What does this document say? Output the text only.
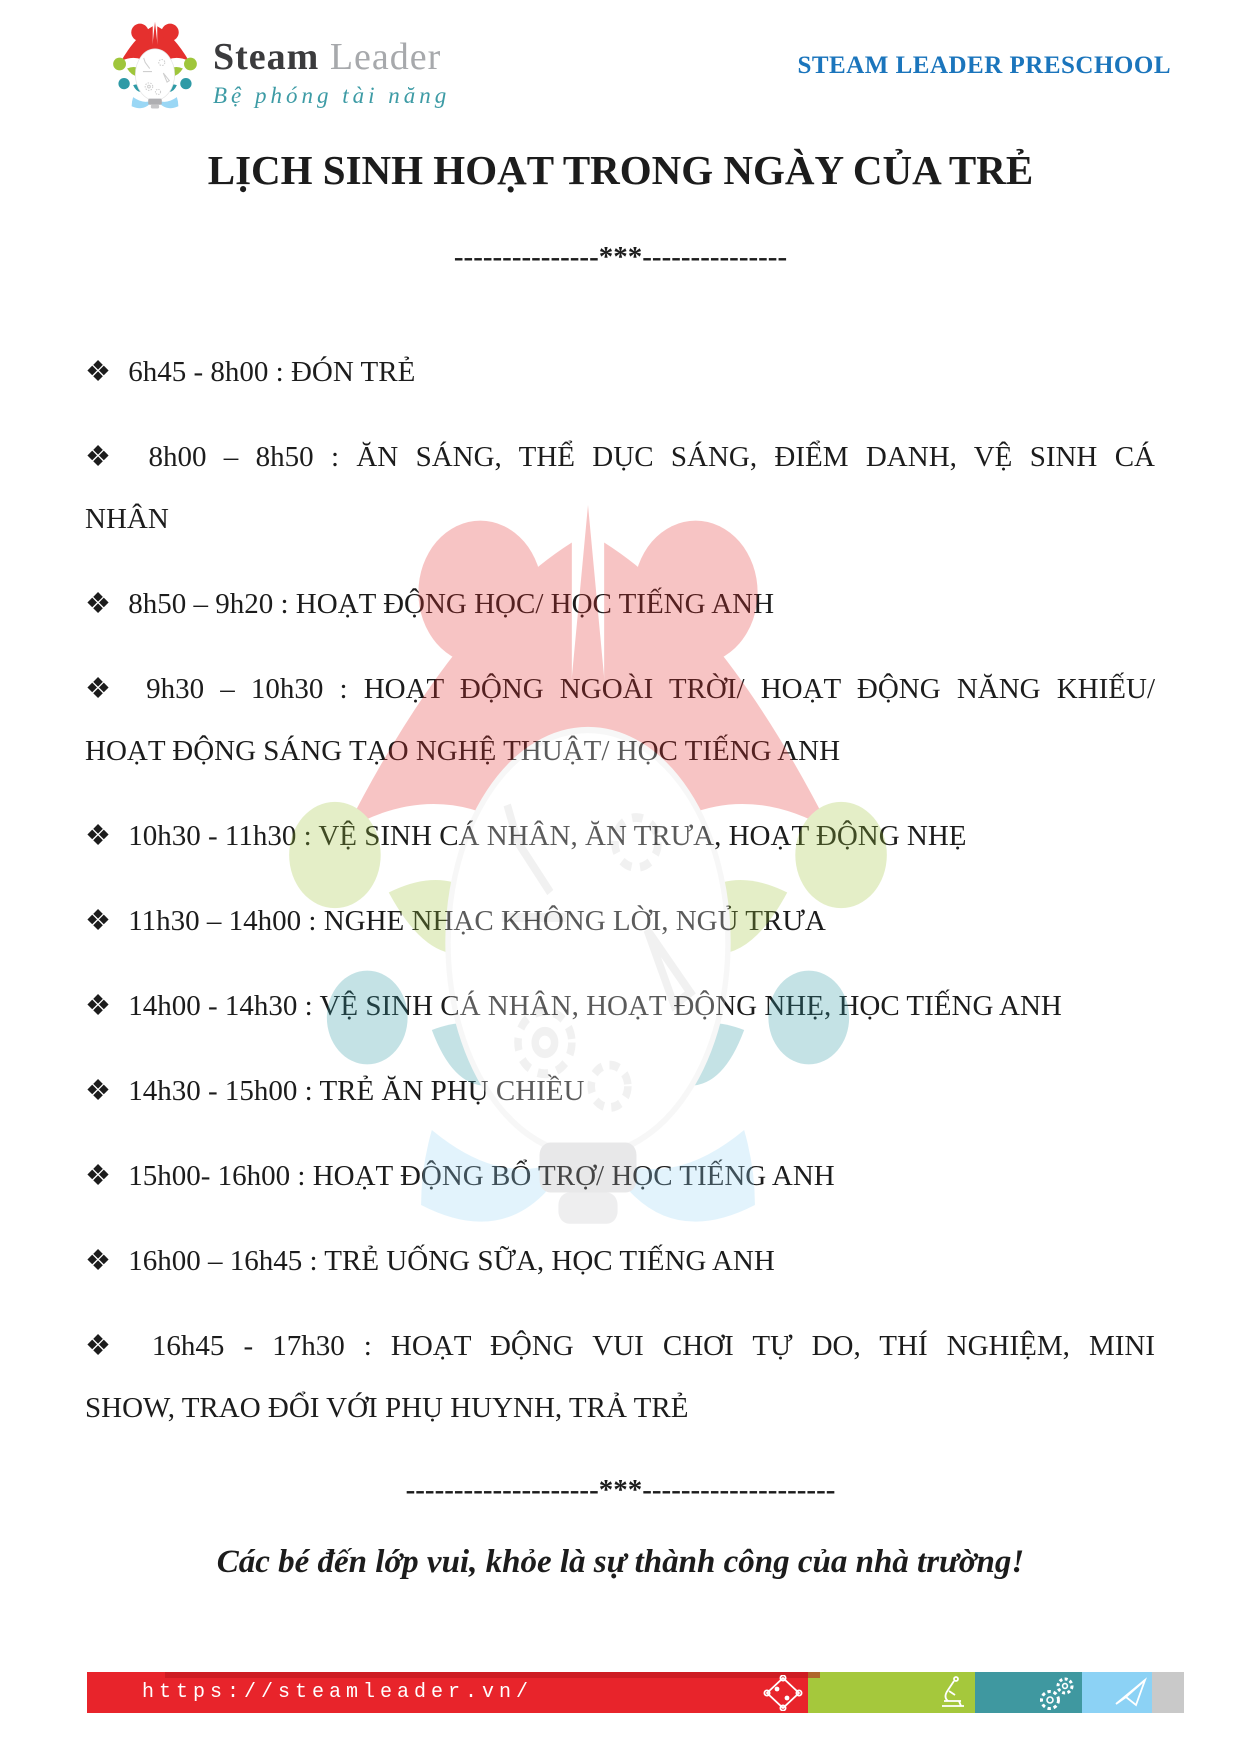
Steam Leader
Bệ phóng tài năng
STEAM LEADER PRESCHOOL
LỊCH SINH HOẠT TRONG NGÀY CỦA TRẺ
---------------***---------------
❖ 6h45 - 8h00 : ĐÓN TRẺ
❖ 8h00 – 8h50 : ĂN SÁNG, THỂ DỤC SÁNG, ĐIỂM DANH, VỆ SINH CÁ
NHÂN
❖ 8h50 – 9h20 : HOẠT ĐỘNG HỌC/ HỌC TIẾNG ANH
❖ 9h30 – 10h30 : HOẠT ĐỘNG NGOÀI TRỜI/ HOẠT ĐỘNG NĂNG KHIẾU/
HOẠT ĐỘNG SÁNG TẠO NGHỆ THUẬT/ HỌC TIẾNG ANH
❖ 10h30 - 11h30 : VỆ SINH CÁ NHÂN, ĂN TRƯA, HOẠT ĐỘNG NHẸ
❖ 11h30 – 14h00 : NGHE NHẠC KHÔNG LỜI, NGỦ TRƯA
❖ 14h00 - 14h30 : VỆ SINH CÁ NHÂN, HOẠT ĐỘNG NHẸ, HỌC TIẾNG ANH
❖ 14h30 - 15h00 : TRẺ ĂN PHỤ CHIỀU
❖ 15h00- 16h00 : HOẠT ĐỘNG BỔ TRỢ/ HỌC TIẾNG ANH
❖ 16h00 – 16h45 : TRẺ UỐNG SỮA, HỌC TIẾNG ANH
❖ 16h45 - 17h30 : HOẠT ĐỘNG VUI CHƠI TỰ DO, THÍ NGHIỆM, MINI
SHOW, TRAO ĐỔI VỚI PHỤ HUYNH, TRẢ TRẺ
--------------------***--------------------
Các bé đến lớp vui, khỏe là sự thành công của nhà trường!
https://steamleader.vn/
